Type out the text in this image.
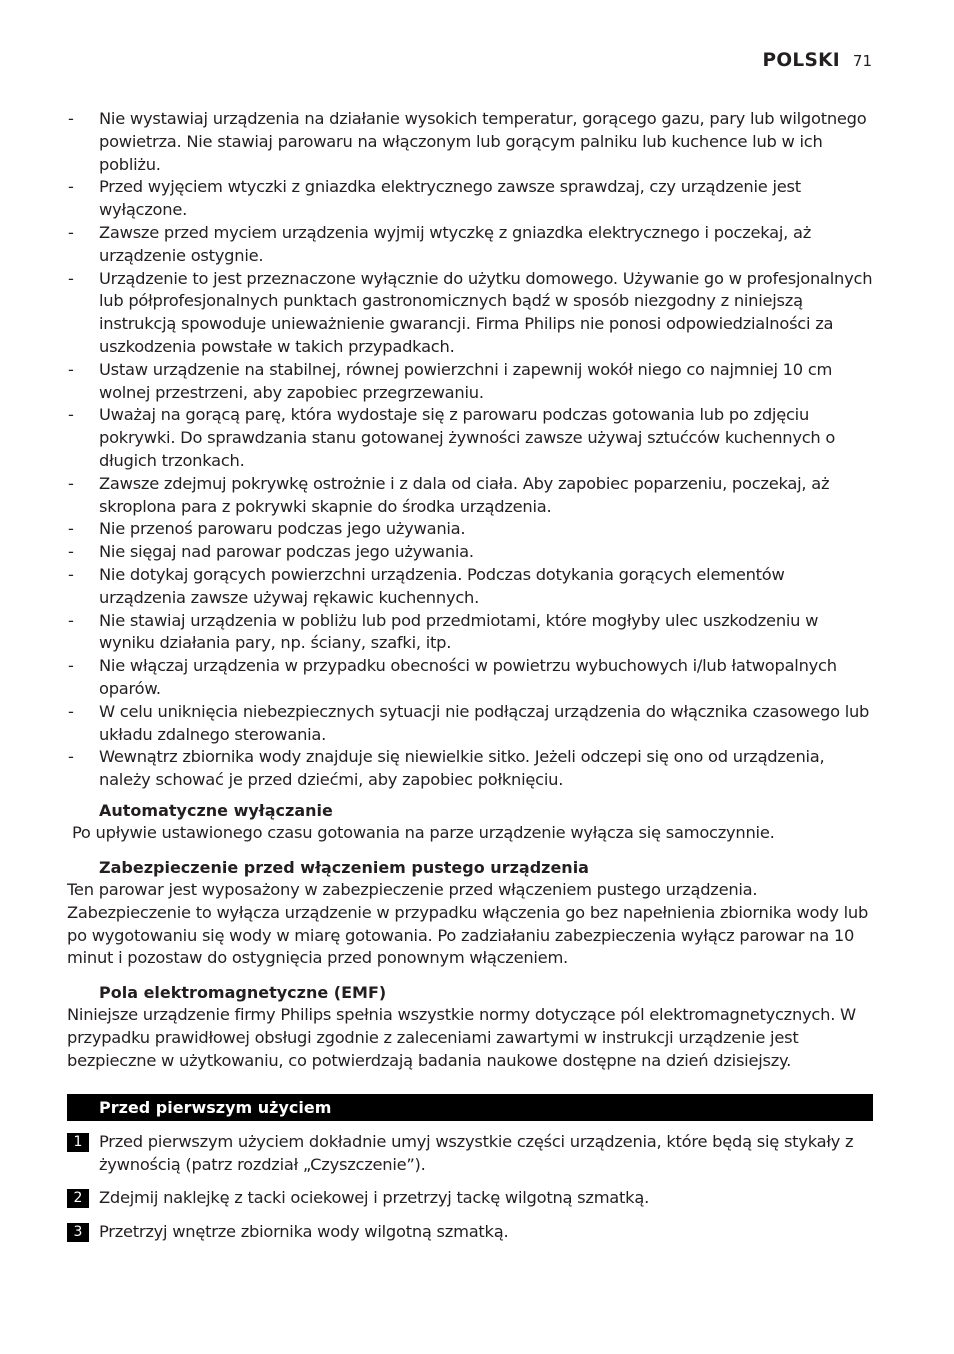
POLSKI 71
- Nie wystawiaj urządzenia na działanie wysokich temperatur, gorącego gazu, pary lub wilgotnego powietrza. Nie stawiaj parowaru na włączonym lub gorącym palniku lub kuchence lub w ich pobliżu.
- Przed wyjęciem wtyczki z gniazdka elektrycznego zawsze sprawdzaj, czy urządzenie jest wyłączone.
- Zawsze przed myciem urządzenia wyjmij wtyczkę z gniazdka elektrycznego i poczekaj, aż urządzenie ostygnie.
- Urządzenie to jest przeznaczone wyłącznie do użytku domowego. Używanie go w profesjonalnych lub półprofesjonalnych punktach gastronomicznych bądź w sposób niezgodny z niniejszą instrukcją spowoduje unieważnienie gwarancji. Firma Philips nie ponosi odpowiedzialności za uszkodzenia powstałe w takich przypadkach.
- Ustaw urządzenie na stabilnej, równej powierzchni i zapewnij wokół niego co najmniej 10 cm wolnej przestrzeni, aby zapobiec przegrzewaniu.
- Uważaj na gorącą parę, która wydostaje się z parowaru podczas gotowania lub po zdjęciu pokrywki. Do sprawdzania stanu gotowanej żywności zawsze używaj sztućców kuchennych o długich trzonkach.
- Zawsze zdejmuj pokrywkę ostrożnie i z dala od ciała. Aby zapobiec poparzeniu, poczekaj, aż skroplona para z pokrywki skapnie do środka urządzenia.
- Nie przenoś parowaru podczas jego używania.
- Nie sięgaj nad parowar podczas jego używania.
- Nie dotykaj gorących powierzchni urządzenia. Podczas dotykania gorących elementów urządzenia zawsze używaj rękawic kuchennych.
- Nie stawiaj urządzenia w pobliżu lub pod przedmiotami, które mogłyby ulec uszkodzeniu w wyniku działania pary, np. ściany, szafki, itp.
- Nie włączaj urządzenia w przypadku obecności w powietrzu wybuchowych i/lub łatwopalnych oparów.
- W celu uniknięcia niebezpiecznych sytuacji nie podłączaj urządzenia do włącznika czasowego lub układu zdalnego sterowania.
- Wewnątrz zbiornika wody znajduje się niewielkie sitko. Jeżeli odczepi się ono od urządzenia, należy schować je przed dziećmi, aby zapobiec połknięciu.
Automatyczne wyłączanie

Po upływie ustawionego czasu gotowania na parze urządzenie wyłącza się samoczynnie.

Zabezpieczenie przed włączeniem pustego urządzenia

Ten parowar jest wyposażony w zabezpieczenie przed włączeniem pustego urządzenia. Zabezpieczenie to wyłącza urządzenie w przypadku włączenia go bez napełnienia zbiornika wody lub po wygotowaniu się wody w miarę gotowania. Po zadziałaniu zabezpieczenia wyłącz parowar na 10 minut i pozostaw do ostygnięcia przed ponownym włączeniem.

Pola elektromagnetyczne (EMF)

Niniejsze urządzenie firmy Philips spełnia wszystkie normy dotyczące pól elektromagnetycznych. W przypadku prawidłowej obsługi zgodnie z zaleceniami zawartymi w instrukcji urządzenie jest bezpieczne w użytkowaniu, co potwierdzają badania naukowe dostępne na dzień dzisiejszy.

Przed pierwszym użyciem
1	Przed pierwszym użyciem dokładnie umyj wszystkie części urządzenia, które będą się stykały z żywnością (patrz rozdział „Czyszczenie”).
2	Zdejmij naklejkę z tacki ociekowej i przetrzyj tackę wilgotną szmatką.
3	Przetrzyj wnętrze zbiornika wody wilgotną szmatką.
